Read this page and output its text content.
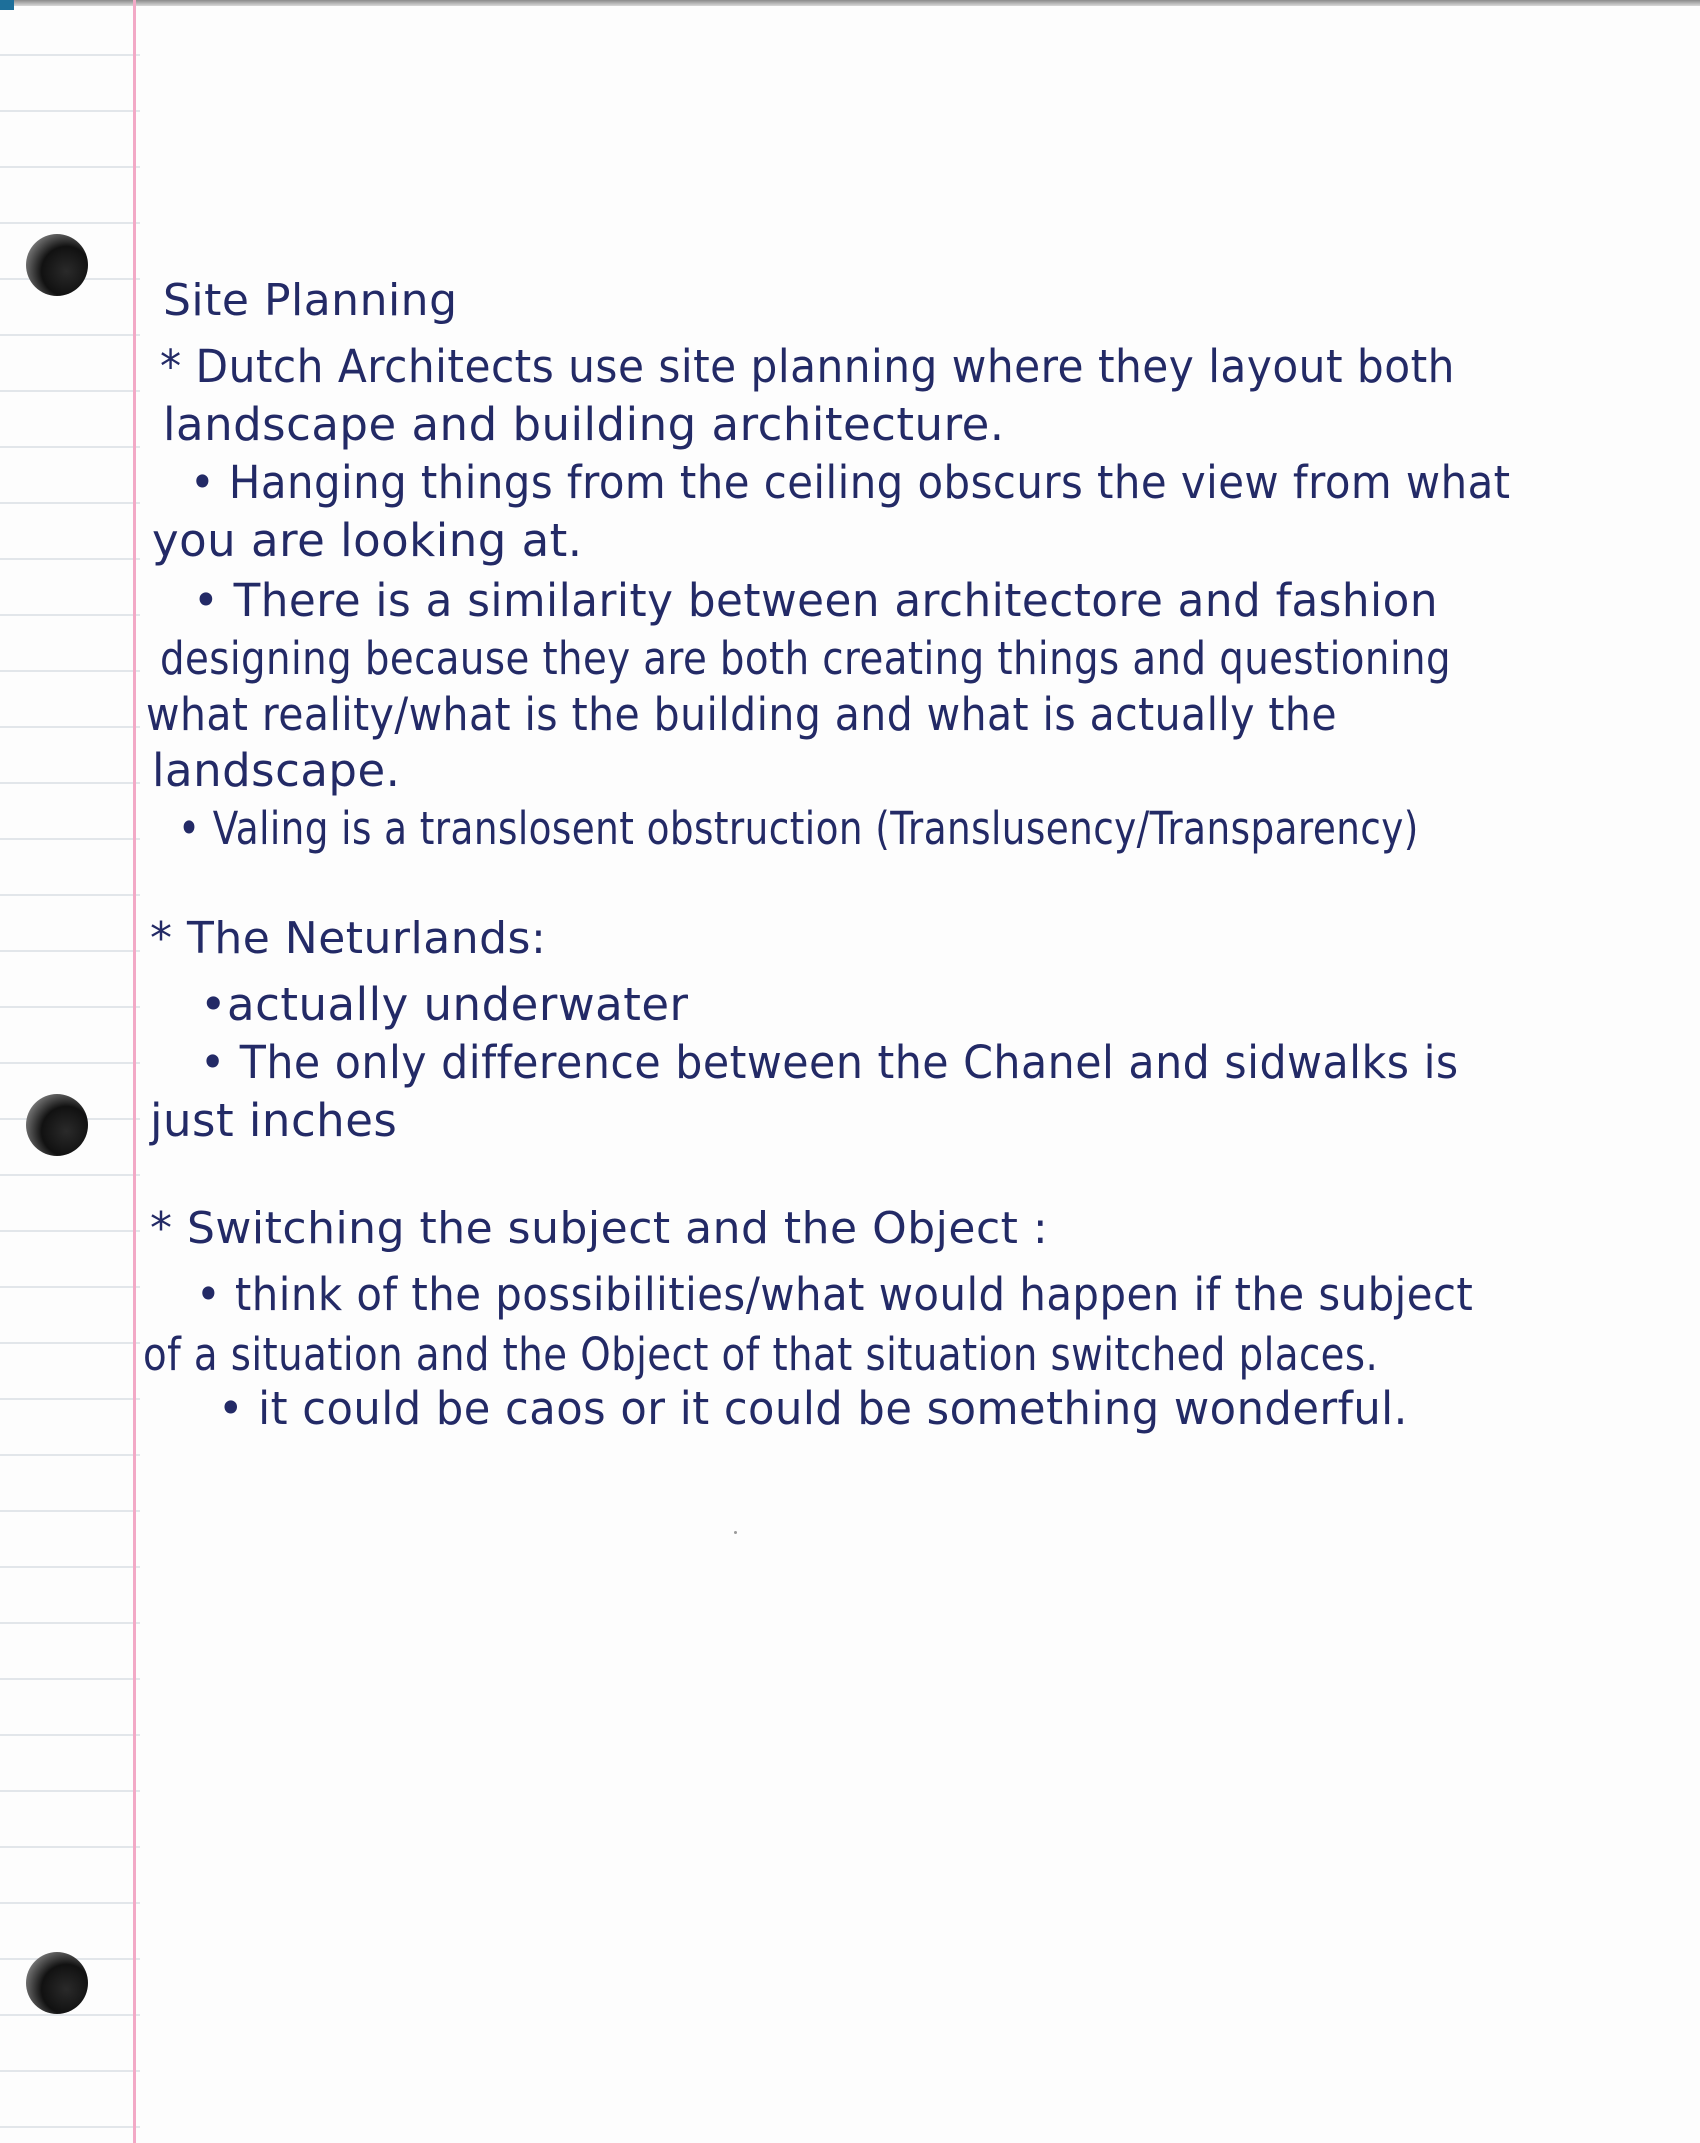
Site Planning
* Dutch Architects use site planning where they layout both
landscape and building architecture.
• Hanging things from the ceiling obscurs the view from what
you are looking at.
• There is a similarity between architectore and fashion
designing because they are both creating things and questioning
what reality/what is the building and what is actually the
landscape.
• Valing is a translosent obstruction (Translusency/Transparency)
* The Neturlands:
•actually underwater
• The only difference between the Chanel and sidwalks is
just inches
* Switching the subject and the Object :
• think of the possibilities/what would happen if the subject
of a situation and the Object of that situation switched places.
• it could be caos or it could be something wonderful.
